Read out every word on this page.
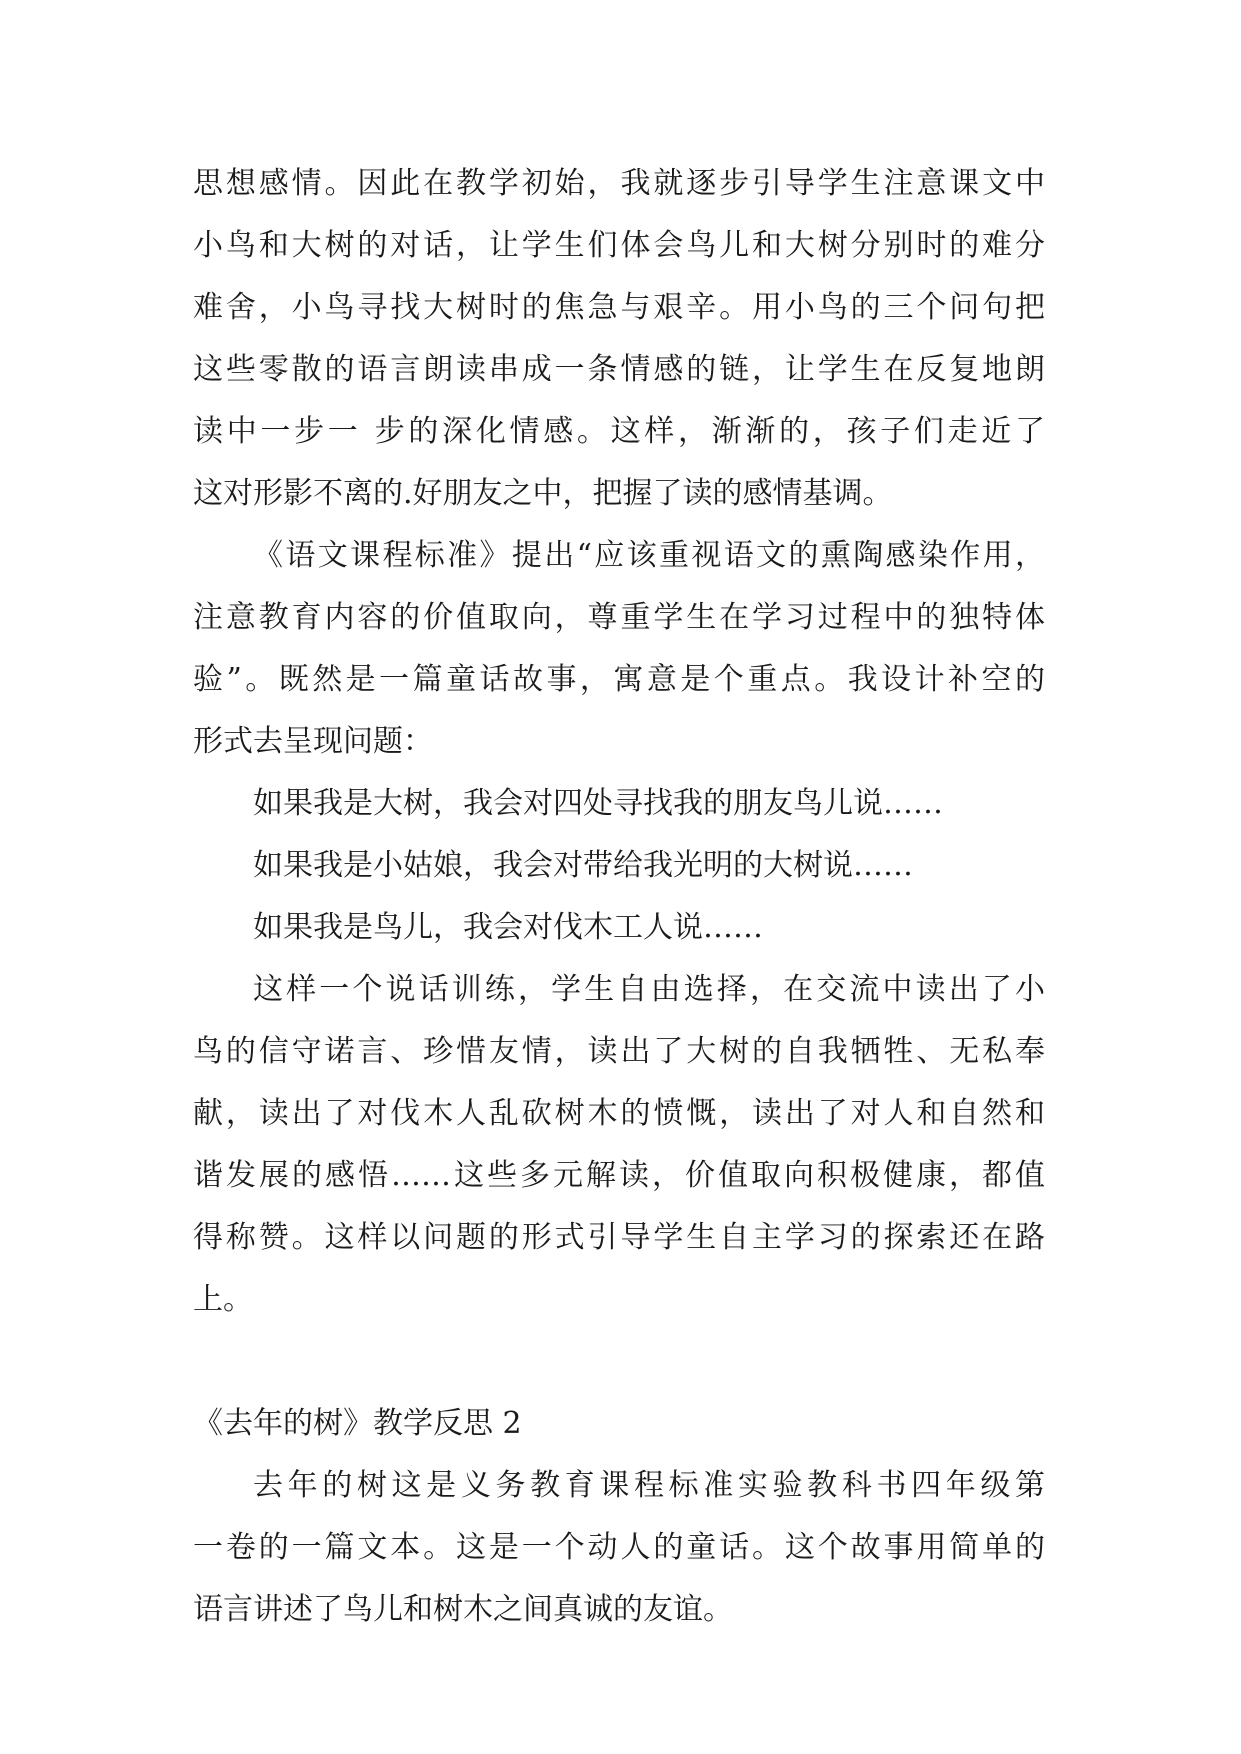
思想感情。因此在教学初始，我就逐步引导学生注意课文中
小鸟和大树的对话，让学生们体会鸟儿和大树分别时的难分
难舍，小鸟寻找大树时的焦急与艰辛。用小鸟的三个问句把
这些零散的语言朗读串成一条情感的链，让学生在反复地朗
读中一步一 步的深化情感。这样，渐渐的，孩子们走近了
这对形影不离的.好朋友之中，把握了读的感情基调。
《语文课程标准》提出“应该重视语文的熏陶感染作用，
注意教育内容的价值取向，尊重学生在学习过程中的独特体
验”。既然是一篇童话故事，寓意是个重点。我设计补空的
形式去呈现问题：
如果我是大树，我会对四处寻找我的朋友鸟儿说……
如果我是小姑娘，我会对带给我光明的大树说……
如果我是鸟儿，我会对伐木工人说……
这样一个说话训练，学生自由选择，在交流中读出了小
鸟的信守诺言、珍惜友情，读出了大树的自我牺牲、无私奉
献，读出了对伐木人乱砍树木的愤慨，读出了对人和自然和
谐发展的感悟……这些多元解读，价值取向积极健康，都值
得称赞。这样以问题的形式引导学生自主学习的探索还在路
上。
《去年的树》教学反思 2
去年的树这是义务教育课程标准实验教科书四年级第
一卷的一篇文本。这是一个动人的童话。这个故事用简单的
语言讲述了鸟儿和树木之间真诚的友谊。
